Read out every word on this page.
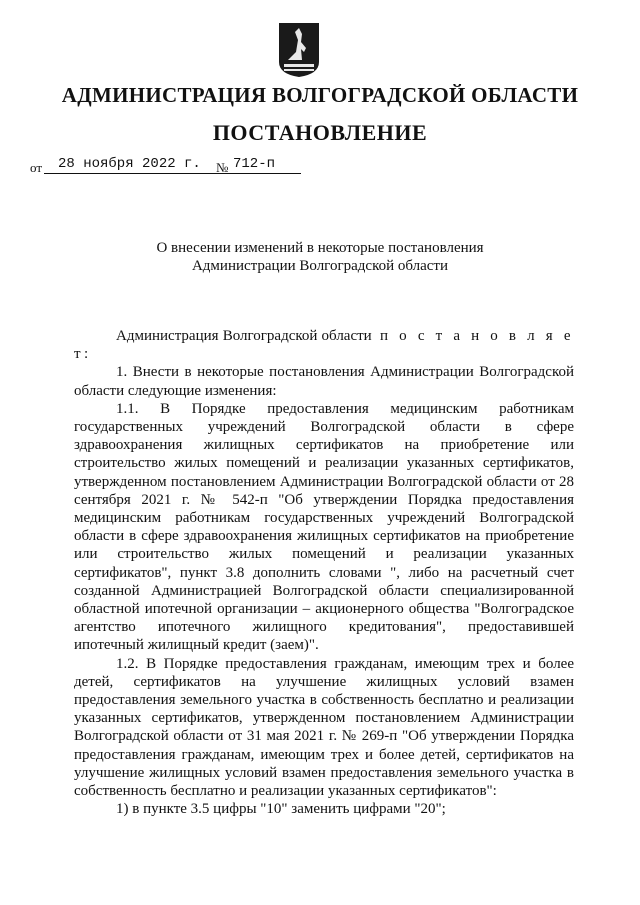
АДМИНИСТРАЦИЯ ВОЛГОГРАДСКОЙ ОБЛАСТИ
ПОСТАНОВЛЕНИЕ
от 28 ноября 2022 г. № 712-п
О внесении изменений в некоторые постановления
Администрации Волгоградской области

Администрация Волгоградской области п о с т а н о в л я е т:

1. Внести в некоторые постановления Администрации Волгоградской области следующие изменения:

1.1. В Порядке предоставления медицинским работникам государственных учреждений Волгоградской области в сфере здравоохранения жилищных сертификатов на приобретение или строительство жилых помещений и реализации указанных сертификатов, утвержденном постановлением Администрации Волгоградской области от 28 сентября 2021 г. № 542-п "Об утверждении Порядка предоставления медицинским работникам государственных учреждений Волгоградской области в сфере здравоохранения жилищных сертификатов на приобретение или строительство жилых помещений и реализации указанных сертификатов", пункт 3.8 дополнить словами ", либо на расчетный счет созданной Администрацией Волгоградской области специализированной областной ипотечной организации – акционерного общества "Волгоградское агентство ипотечного жилищного кредитования", предоставившей ипотечный жилищный кредит (заем)".

1.2. В Порядке предоставления гражданам, имеющим трех и более детей, сертификатов на улучшение жилищных условий взамен предоставления земельного участка в собственность бесплатно и реализации указанных сертификатов, утвержденном постановлением Администрации Волгоградской области от 31 мая 2021 г. № 269-п "Об утверждении Порядка предоставления гражданам, имеющим трех и более детей, сертификатов на улучшение жилищных условий взамен предоставления земельного участка в собственность бесплатно и реализации указанных сертификатов":

1) в пункте 3.5 цифры "10" заменить цифрами "20";
